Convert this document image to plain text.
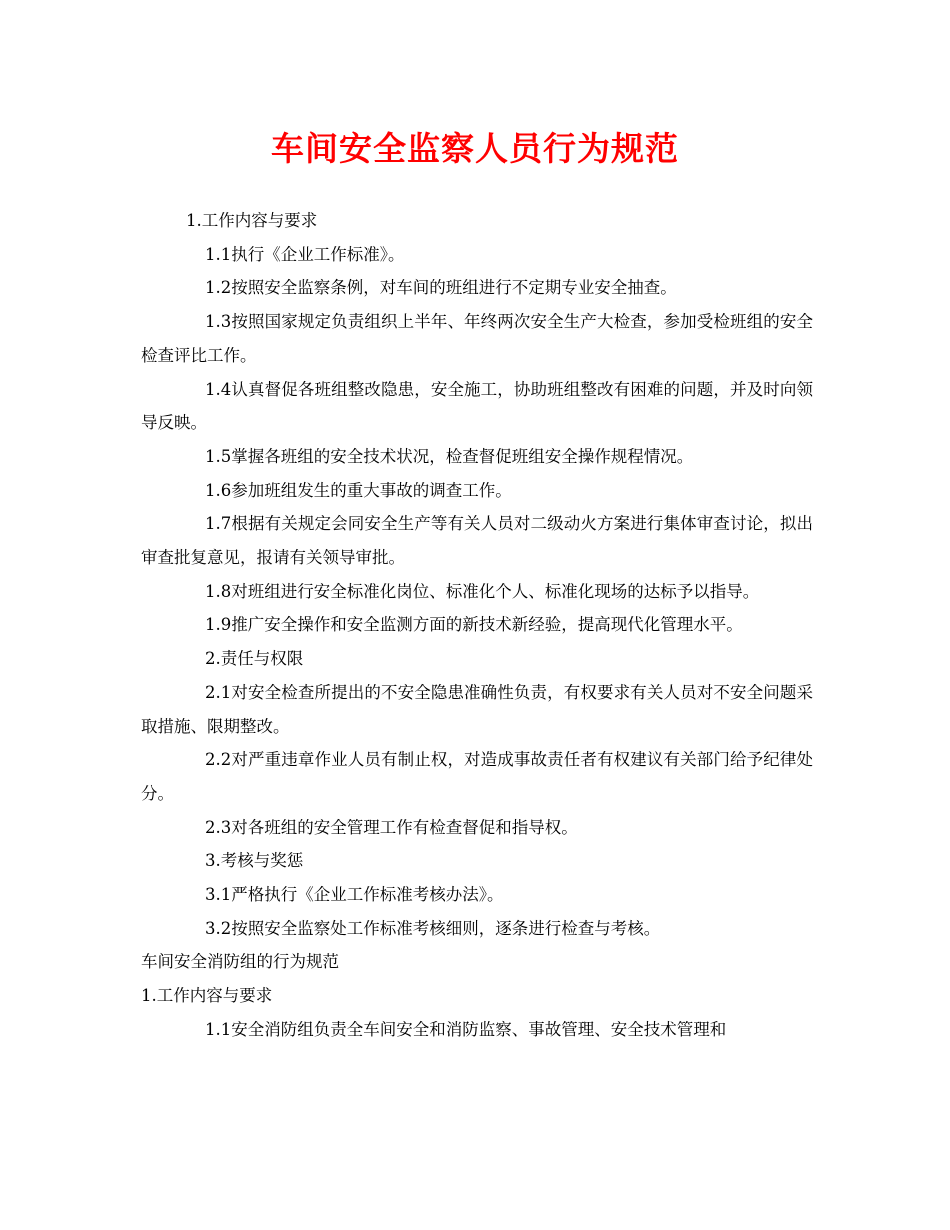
车间安全监察人员行为规范

1.工作内容与要求

1.1执行《企业工作标准》。

1.2按照安全监察条例，对车间的班组进行不定期专业安全抽查。

1.3按照国家规定负责组织上半年、年终两次安全生产大检查，参加受检班组的安全检查评比工作。

1.4认真督促各班组整改隐患，安全施工，协助班组整改有困难的问题，并及时向领导反映。

1.5掌握各班组的安全技术状况，检查督促班组安全操作规程情况。

1.6参加班组发生的重大事故的调查工作。

1.7根据有关规定会同安全生产等有关人员对二级动火方案进行集体审查讨论，拟出审查批复意见，报请有关领导审批。

1.8对班组进行安全标准化岗位、标准化个人、标准化现场的达标予以指导。

1.9推广安全操作和安全监测方面的新技术新经验，提高现代化管理水平。

2.责任与权限

2.1对安全检查所提出的不安全隐患准确性负责，有权要求有关人员对不安全问题采取措施、限期整改。

2.2对严重违章作业人员有制止权，对造成事故责任者有权建议有关部门给予纪律处分。

2.3对各班组的安全管理工作有检查督促和指导权。

3.考核与奖惩

3.1严格执行《企业工作标准考核办法》。

3.2按照安全监察处工作标准考核细则，逐条进行检查与考核。

车间安全消防组的行为规范

1.工作内容与要求

1.1安全消防组负责全车间安全和消防监察、事故管理、安全技术管理和
